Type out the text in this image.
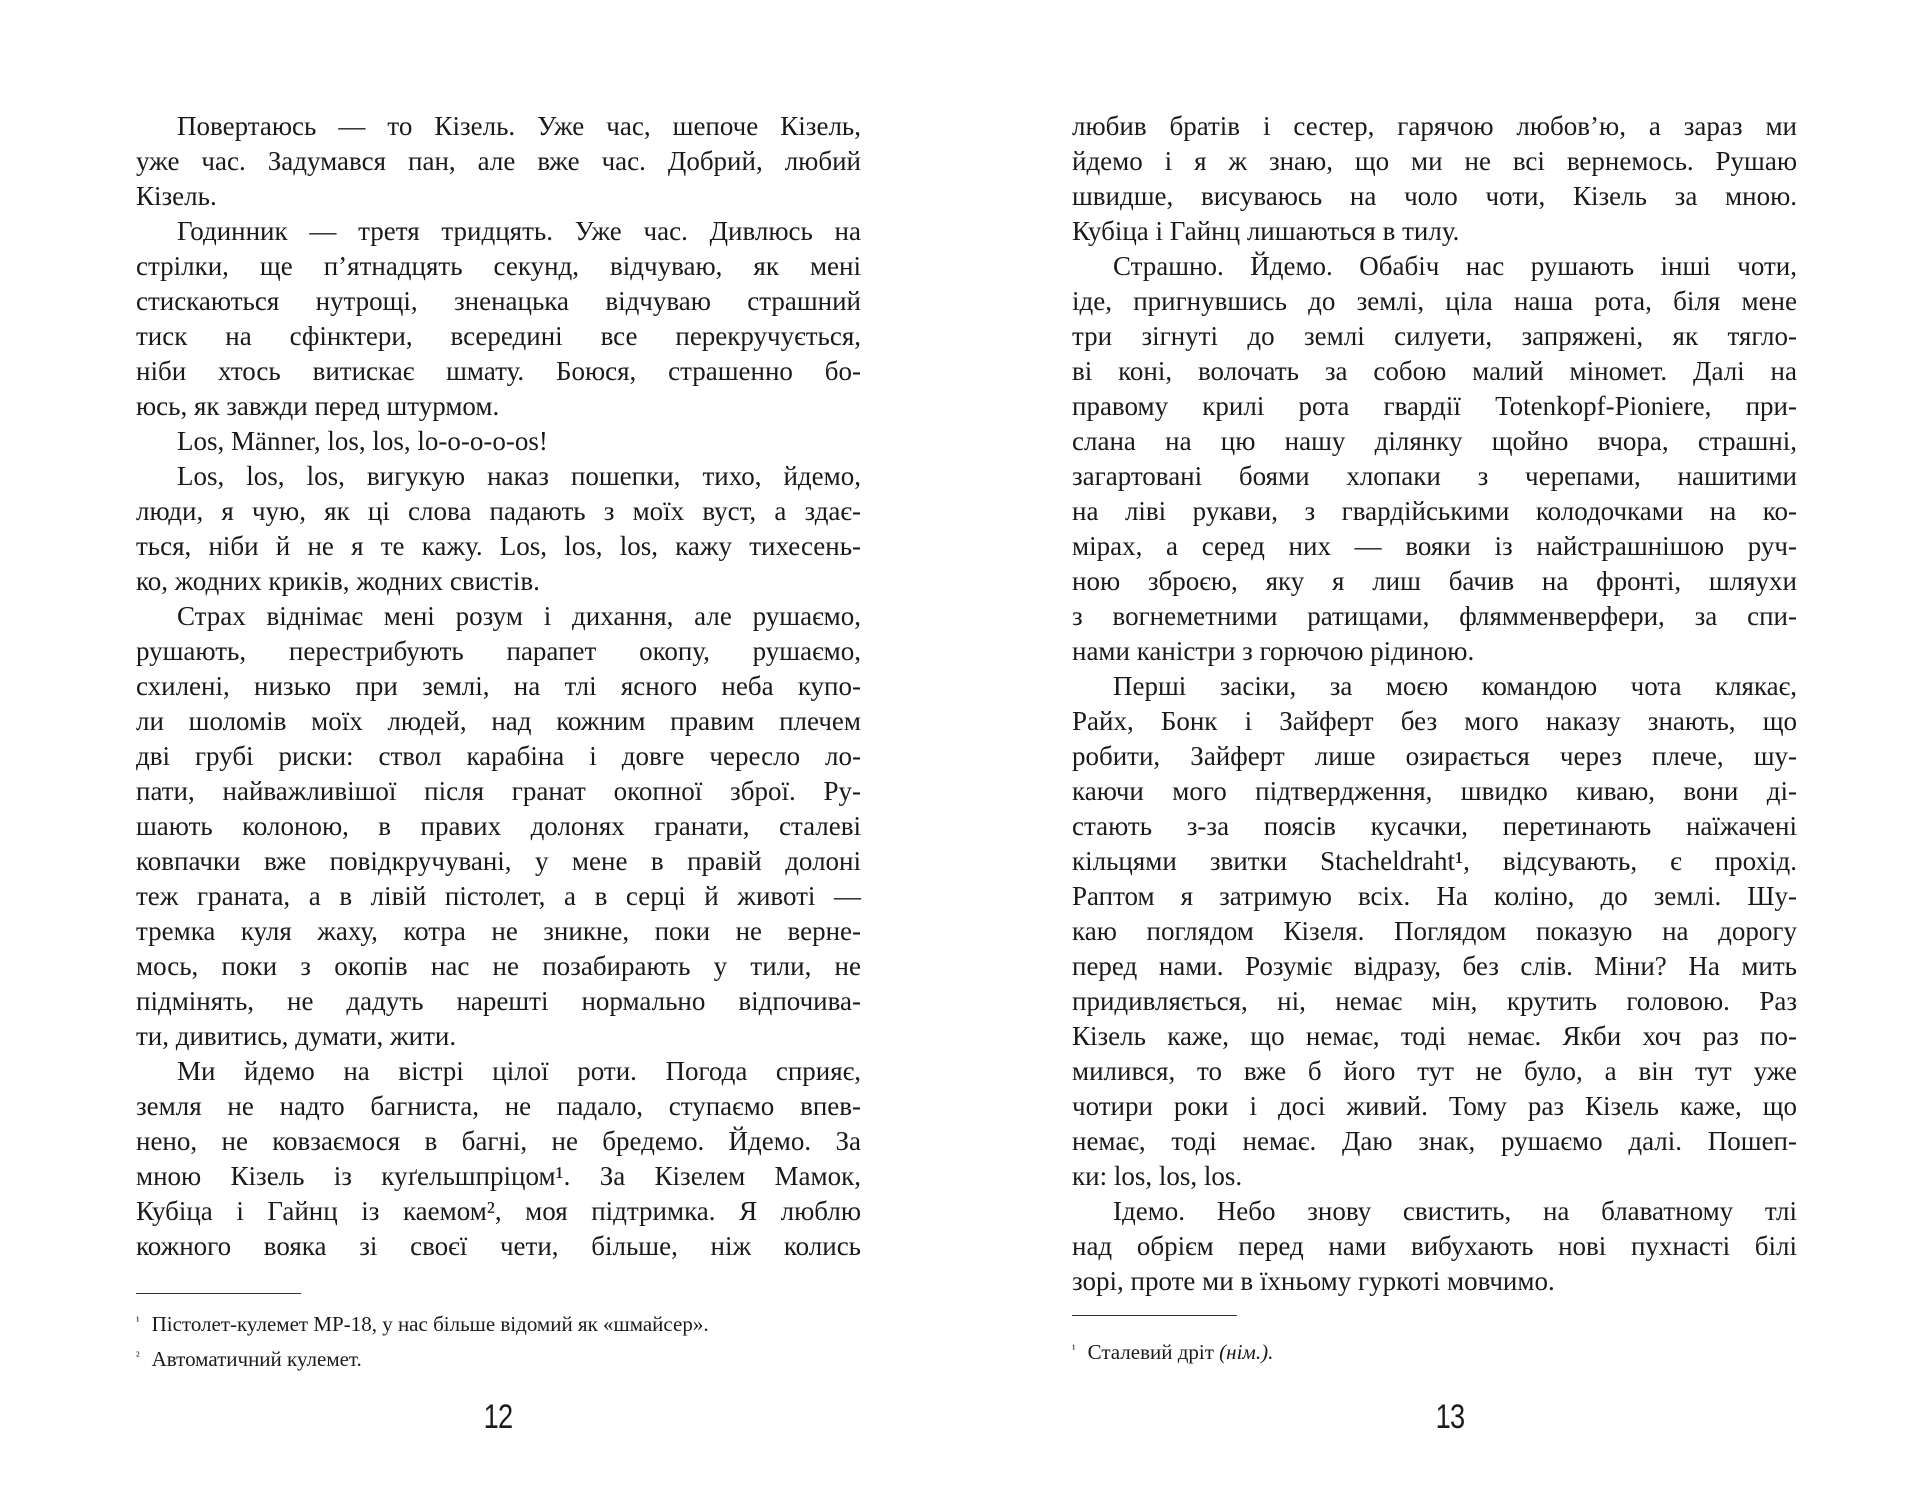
Повертаюсь — то Кізель. Уже час, шепоче Кізель,
уже час. Задумався пан, але вже час. Добрий, любий
Кізель.
Годинник — третя тридцять. Уже час. Дивлюсь на
стрілки, ще п’ятнадцять секунд, відчуваю, як мені
стискаються нутрощі, зненацька відчуваю страшний
тиск на сфінктери, всередині все перекручується,
ніби хтось витискає шмату. Боюся, страшенно бо-
юсь, як завжди перед штурмом.
Los, Männer, los, los, lo-o-o-o-os!
Los, los, los, вигукую наказ пошепки, тихо, йдемо,
люди, я чую, як ці слова падають з моїх вуст, а здає-
ться, ніби й не я те кажу. Los, los, los, кажу тихесень-
ко, жодних криків, жодних свистів.
Страх віднімає мені розум і дихання, але рушаємо,
рушають, перестрибують парапет окопу, рушаємо,
схилені, низько при землі, на тлі ясного неба купо-
ли шоломів моїх людей, над кожним правим плечем
дві грубі риски: ствол карабіна і довге чересло ло-
пати, найважливішої після гранат окопної зброї. Ру-
шають колоною, в правих долонях гранати, сталеві
ковпачки вже повідкручувані, у мене в правій долоні
теж граната, а в лівій пістолет, а в серці й животі —
тремка куля жаху, котра не зникне, поки не верне-
мось, поки з окопів нас не позабирають у тили, не
підмінять, не дадуть нарешті нормально відпочива-
ти, дивитись, думати, жити.
Ми йдемо на вістрі цілої роти. Погода сприяє,
земля не надто багниста, не падало, ступаємо впев-
нено, не ковзаємося в багні, не бредемо. Йдемо. За
мною Кізель із куґельшпріцом¹. За Кізелем Мамок,
Кубіца і Гайнц із каемом², моя підтримка. Я люблю
кожного вояка зі своєї чети, більше, ніж колись
$^{^1}$ Пістолет-кулемет MP-18, у нас більше відомий як «шмайсер».
$^{^2}$ Автоматичний кулемет.
12
любив братів і сестер, гарячою любов’ю, а зараз ми
йдемо і я ж знаю, що ми не всі вернемось. Рушаю
швидше, висуваюсь на чоло чоти, Кізель за мною.
Кубіца і Гайнц лишаються в тилу.
Страшно. Йдемо. Обабіч нас рушають інші чоти,
іде, пригнувшись до землі, ціла наша рота, біля мене
три зігнуті до землі силуети, запряжені, як тягло-
ві коні, волочать за собою малий міномет. Далі на
правому крилі рота гвардії Totenkopf-Pioniere, при-
слана на цю нашу ділянку щойно вчора, страшні,
загартовані боями хлопаки з черепами, нашитими
на ліві рукави, з гвардійськими колодочками на ко-
мірах, а серед них — вояки із найстрашнішою руч-
ною зброєю, яку я лиш бачив на фронті, шляухи
з вогнеметними ратищами, флямменверфери, за спи-
нами каністри з горючою рідиною.
Перші засіки, за моєю командою чота клякає,
Райх, Бонк і Зайферт без мого наказу знають, що
робити, Зайферт лише озирається через плече, шу-
каючи мого підтвердження, швидко киваю, вони ді-
стають з-за поясів кусачки, перетинають наїжачені
кільцями звитки Stacheldraht¹, відсувають, є прохід.
Раптом я затримую всіх. На коліно, до землі. Шу-
каю поглядом Кізеля. Поглядом показую на дорогу
перед нами. Розуміє відразу, без слів. Міни? На мить
придивляється, ні, немає мін, крутить головою. Раз
Кізель каже, що немає, тоді немає. Якби хоч раз по-
милився, то вже б його тут не було, а він тут уже
чотири роки і досі живий. Тому раз Кізель каже, що
немає, тоді немає. Даю знак, рушаємо далі. Пошеп-
ки: los, los, los.
Ідемо. Небо знову свистить, на блаватному тлі
над обрієм перед нами вибухають нові пухнасті білі
зорі, проте ми в їхньому гуркоті мовчимо.
$^{^1}$ Сталевий дріт (нім.).
13
